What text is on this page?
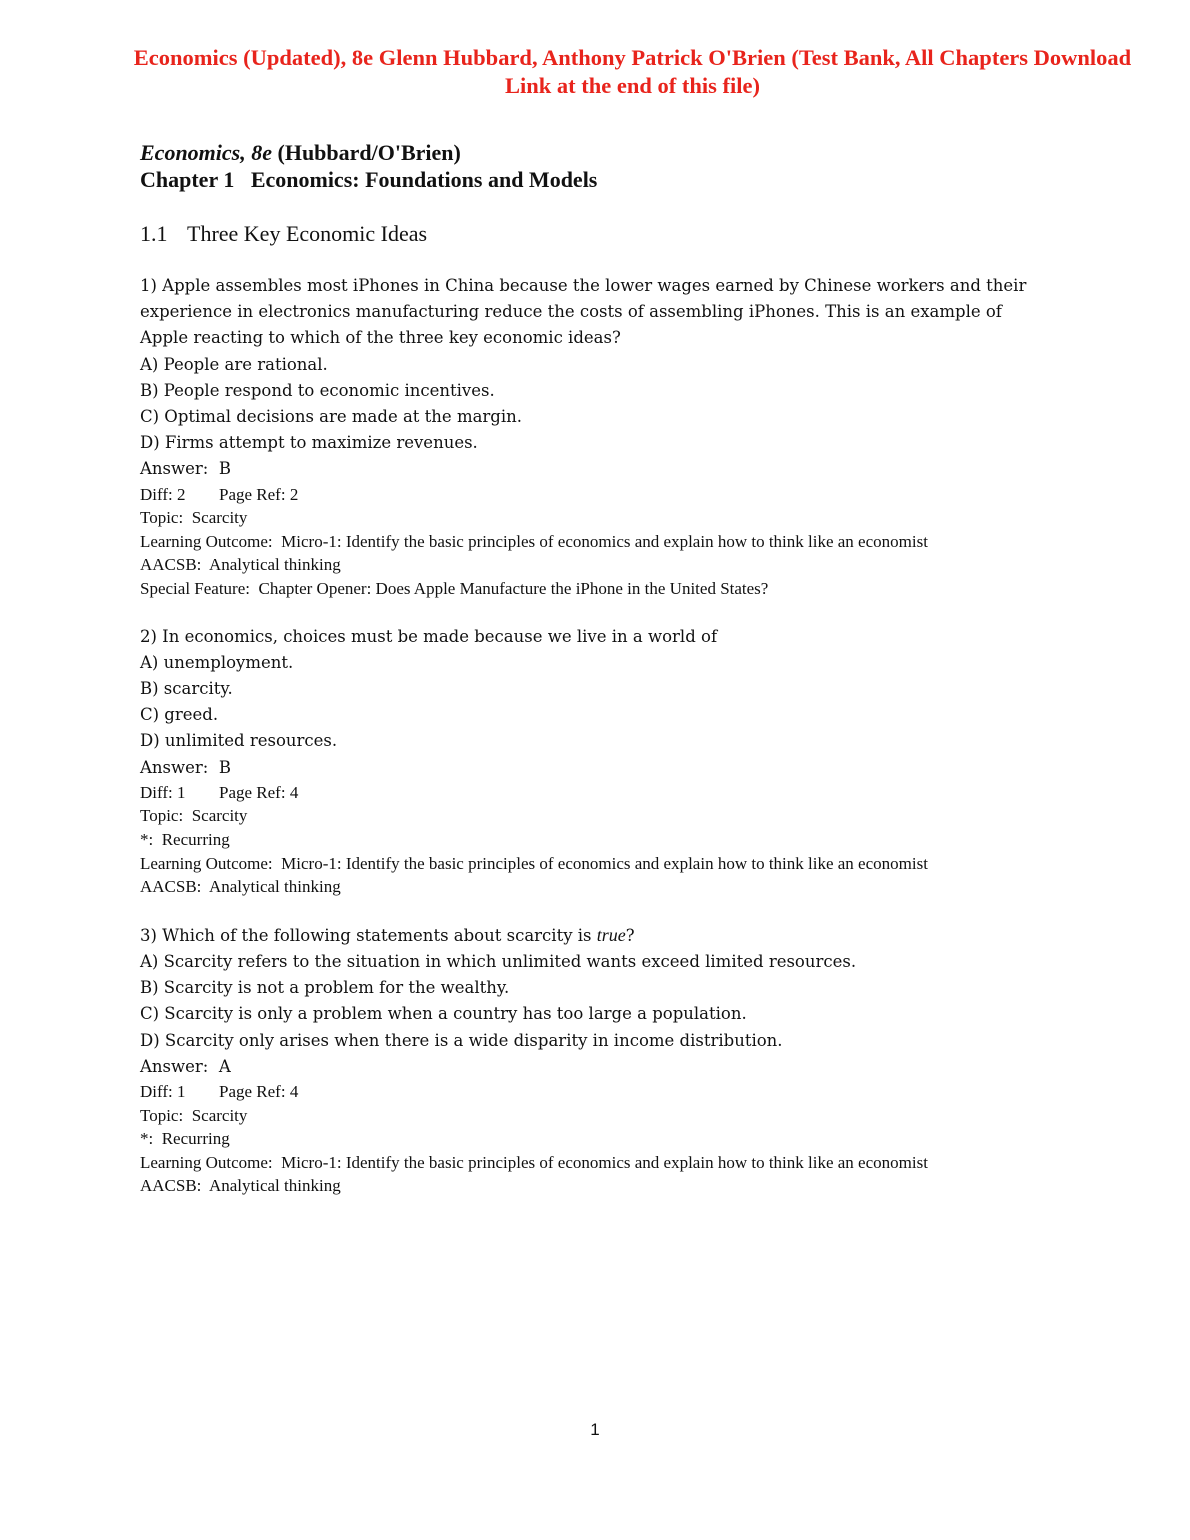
Economics (Updated), 8e Glenn Hubbard, Anthony Patrick O'Brien (Test Bank, All Chapters Download
Link at the end of this file)
Economics, 8e (Hubbard/O'Brien)
Chapter 1   Economics: Foundations and Models
1.1 Three Key Economic Ideas
1) Apple assembles most iPhones in China because the lower wages earned by Chinese workers and their
experience in electronics manufacturing reduce the costs of assembling iPhones. This is an example of
Apple reacting to which of the three key economic ideas?
A) People are rational.
B) People respond to economic incentives.
C) Optimal decisions are made at the margin.
D) Firms attempt to maximize revenues.
Answer:  B
Diff: 2 Page Ref: 2
Topic:  Scarcity
Learning Outcome:  Micro-1: Identify the basic principles of economics and explain how to think like an economist
AACSB:  Analytical thinking
Special Feature:  Chapter Opener: Does Apple Manufacture the iPhone in the United States?
2) In economics, choices must be made because we live in a world of
A) unemployment.
B) scarcity.
C) greed.
D) unlimited resources.
Answer:  B
Diff: 1 Page Ref: 4
Topic:  Scarcity
*:  Recurring
Learning Outcome:  Micro-1: Identify the basic principles of economics and explain how to think like an economist
AACSB:  Analytical thinking
3) Which of the following statements about scarcity is true?
A) Scarcity refers to the situation in which unlimited wants exceed limited resources.
B) Scarcity is not a problem for the wealthy.
C) Scarcity is only a problem when a country has too large a population.
D) Scarcity only arises when there is a wide disparity in income distribution.
Answer:  A
Diff: 1 Page Ref: 4
Topic:  Scarcity
*:  Recurring
Learning Outcome:  Micro-1: Identify the basic principles of economics and explain how to think like an economist
AACSB:  Analytical thinking
1
